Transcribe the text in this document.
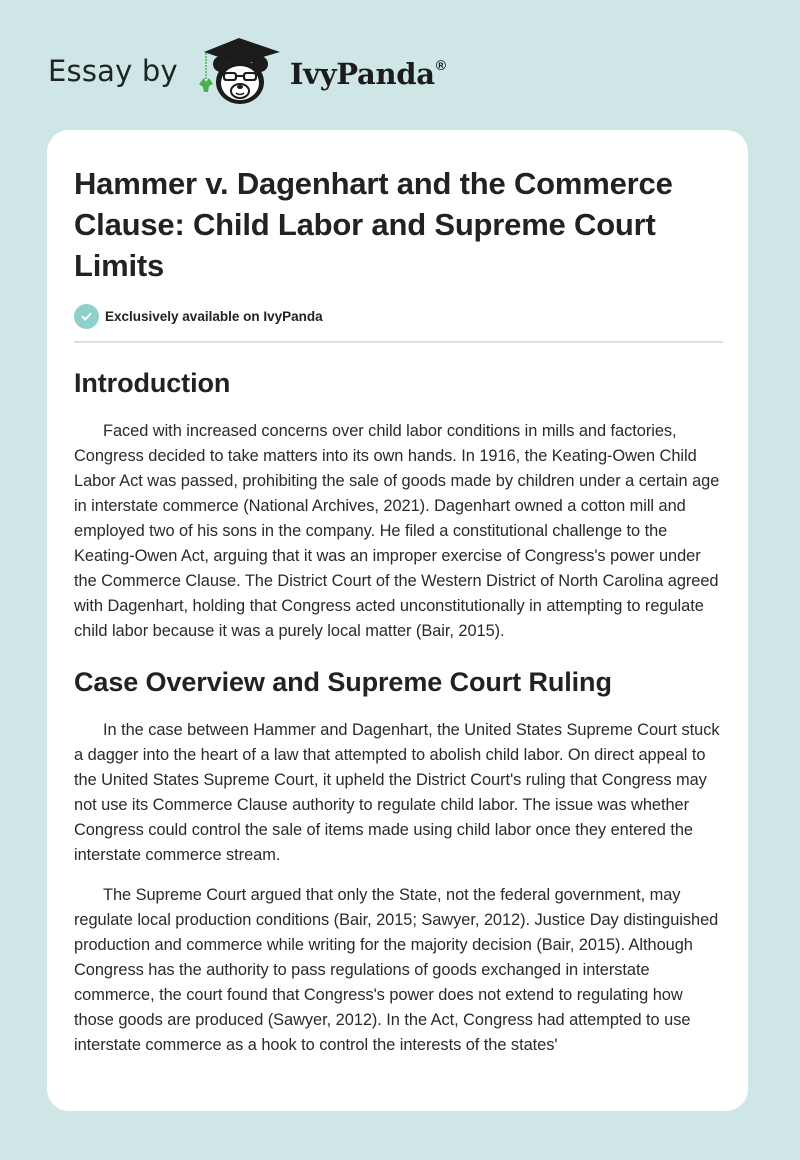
Essay by	IvyPanda®
Hammer v. Dagenhart and the Commerce Clause: Child Labor and Supreme Court Limits
Exclusively available on IvyPanda
Introduction

Faced with increased concerns over child labor conditions in mills and factories, Congress decided to take matters into its own hands. In 1916, the Keating-Owen Child Labor Act was passed, prohibiting the sale of goods made by children under a certain age in interstate commerce (National Archives, 2021). Dagenhart owned a cotton mill and employed two of his sons in the company. He filed a constitutional challenge to the Keating-Owen Act, arguing that it was an improper exercise of Congress's power under the Commerce Clause. The District Court of the Western District of North Carolina agreed with Dagenhart, holding that Congress acted unconstitutionally in attempting to regulate child labor because it was a purely local matter (Bair, 2015).

Case Overview and Supreme Court Ruling

In the case between Hammer and Dagenhart, the United States Supreme Court stuck a dagger into the heart of a law that attempted to abolish child labor. On direct appeal to the United States Supreme Court, it upheld the District Court's ruling that Congress may not use its Commerce Clause authority to regulate child labor. The issue was whether Congress could control the sale of items made using child labor once they entered the interstate commerce stream.

The Supreme Court argued that only the State, not the federal government, may regulate local production conditions (Bair, 2015; Sawyer, 2012). Justice Day distinguished production and commerce while writing for the majority decision (Bair, 2015). Although Congress has the authority to pass regulations of goods exchanged in interstate commerce, the court found that Congress's power does not extend to regulating how those goods are produced (Sawyer, 2012). In the Act, Congress had attempted to use interstate commerce as a hook to control the interests of the states'
